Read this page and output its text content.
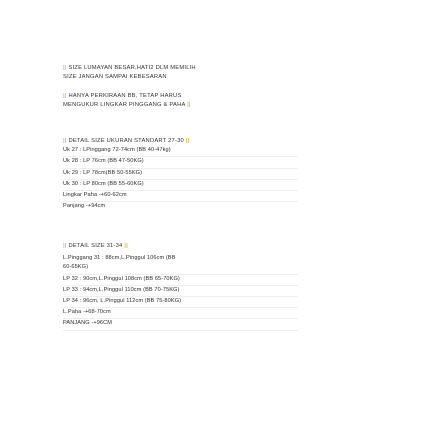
|| SIZE LUMAYAN BESAR,HATI2 DLM MEMILIH
SIZE JANGAN SAMPAI KEBESARAN
|| HANYA PERKIRAAN BB, TETAP HARUS
MENGUKUR LINGKAR PINGGANG & PAHA ||
|| DETAIL SIZE UKURAN STANDART 27-30 ||
Uk 27 : LPinggang 72-74cm (BB 40-47kg)
Uk 28 : LP 76cm (BB 47-50KG)
Uk 29 : LP 78cm(BB 50-55KG)
Uk 30 : LP 80cm (BB 55-60KG)
Lingkar Paha -+60-62cm
Panjang -+94cm
|| DETAIL SIZE 31-34 ||
L.Pinggang 31 : 88cm,L.Pinggul 106cm (BB
60-65KG)
LP 32 : 90cm,L.Pinggul 108cm (BB 65-70KG)
LP 33 : 94cm,L.Pinggul 110cm (BB 70-75KG)
LP 34 : 96cm, L.Pinggul 112cm (BB 75-80KG)
L.Paha -+68-70cm
PANJANG -+96CM
